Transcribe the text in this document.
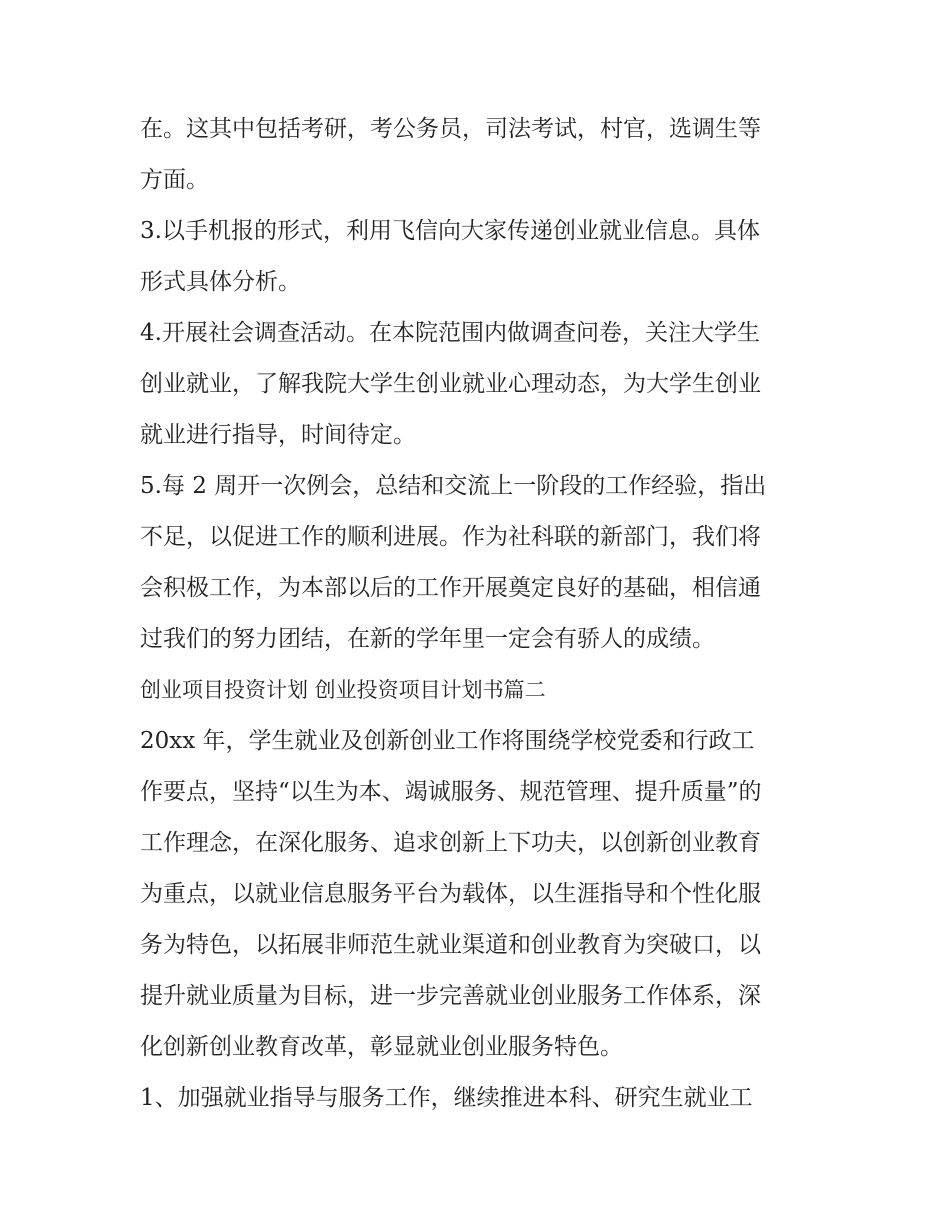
在。这其中包括考研，考公务员，司法考试，村官，选调生等
方面。
3.以手机报的形式，利用飞信向大家传递创业就业信息。具体
形式具体分析。
4.开展社会调查活动。在本院范围内做调查问卷，关注大学生
创业就业，了解我院大学生创业就业心理动态，为大学生创业
就业进行指导，时间待定。
5.每 2 周开一次例会，总结和交流上一阶段的工作经验，指出
不足，以促进工作的顺利进展。作为社科联的新部门，我们将
会积极工作，为本部以后的工作开展奠定良好的基础，相信通
过我们的努力团结，在新的学年里一定会有骄人的成绩。
创业项目投资计划 创业投资项目计划书篇二
20xx 年，学生就业及创新创业工作将围绕学校党委和行政工
作要点，坚持“以生为本、竭诚服务、规范管理、提升质量”的
工作理念，在深化服务、追求创新上下功夫，以创新创业教育
为重点，以就业信息服务平台为载体，以生涯指导和个性化服
务为特色，以拓展非师范生就业渠道和创业教育为突破口，以
提升就业质量为目标，进一步完善就业创业服务工作体系，深
化创新创业教育改革，彰显就业创业服务特色。
1、加强就业指导与服务工作，继续推进本科、研究生就业工
